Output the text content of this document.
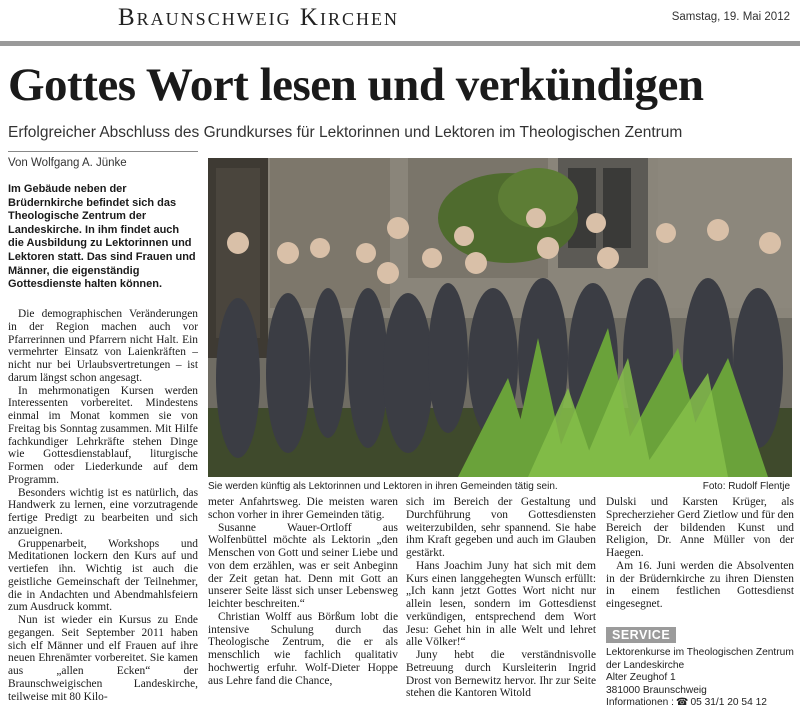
Braunschweig Kirchen	Samstag, 19. Mai 2012
Gottes Wort lesen und verkündigen
Erfolgreicher Abschluss des Grundkurses für Lektorinnen und Lektoren im Theologischen Zentrum
Von Wolfgang A. Jünke
Im Gebäude neben der Brüdernkirche befindet sich das Theologische Zentrum der Landeskirche. In ihm findet auch die Ausbildung zu Lektorinnen und Lektoren statt. Das sind Frauen und Männer, die eigenständig Gottesdienste halten können.

Die demographischen Veränderungen in der Region machen auch vor Pfarrerinnen und Pfarrern nicht Halt. Ein vermehrter Einsatz von Laienkräften – nicht nur bei Urlaubsvertretungen – ist darum längst schon angesagt.

In mehrmonatigen Kursen werden Interessenten vorbereitet. Mindestens einmal im Monat kommen sie von Freitag bis Sonntag zusammen. Mit Hilfe fachkundiger Lehrkräfte stehen Dinge wie Gottesdienstablauf, liturgische Formen oder Liederkunde auf dem Programm.

Besonders wichtig ist es natürlich, das Handwerk zu lernen, eine vorzutragende fertige Predigt zu bearbeiten und sich anzueignen.

Gruppenarbeit, Workshops und Meditationen lockern den Kurs auf und vertiefen ihn. Wichtig ist auch die geistliche Gemeinschaft der Teilnehmer, die in Andachten und Abendmahlsfeiern zum Ausdruck kommt.

Nun ist wieder ein Kursus zu Ende gegangen. Seit September 2011 haben sich elf Männer und elf Frauen auf ihre neuen Ehrenämter vorbereitet. Sie kamen aus „allen Ecken“ der Braunschweigischen Landeskirche, teilweise mit 80 Kilo-

Sie werden künftig als Lektorinnen und Lektoren in ihren Gemeinden tätig sein.	Foto: Rudolf Flentje

meter Anfahrtsweg. Die meisten waren schon vorher in ihrer Gemeinden tätig.

Susanne Wauer-Ortloff aus Wolfenbüttel möchte als Lektorin „den Menschen von Gott und seiner Liebe und von dem erzählen, was er seit Anbeginn der Zeit getan hat. Denn mit Gott an unserer Seite lässt sich unser Lebensweg leichter beschreiten.“

Christian Wolff aus Börßum lobt die intensive Schulung durch das Theologische Zentrum, die er als menschlich wie fachlich qualitativ hochwertig erfuhr. Wolf-Dieter Hoppe aus Lehre fand die Chance,

sich im Bereich der Gestaltung und Durchführung von Gottesdiensten weiterzubilden, sehr spannend. Sie habe ihm Kraft gegeben und auch im Glauben gestärkt.

Hans Joachim Juny hat sich mit dem Kurs einen langgehegten Wunsch erfüllt: „Ich kann jetzt Gottes Wort nicht nur allein lesen, sondern im Gottesdienst verkündigen, entsprechend dem Wort Jesu: Gehet hin in alle Welt und lehret alle Völker!“

Juny hebt die verständnisvolle Betreuung durch Kursleiterin Ingrid Drost von Bernewitz hervor. Ihr zur Seite stehen die Kantoren Witold

Dulski und Karsten Krüger, als Sprecherzieher Gerd Zietlow und für den Bereich der bildenden Kunst und Religion, Dr. Anne Müller von der Haegen.

Am 16. Juni werden die Absolventen in der Brüdernkirche zu ihren Diensten in einem festlichen Gottesdienst eingesegnet.

SERVICE
Lektorenkurse im Theologischen Zentrum der Landeskirche
Alter Zeughof 1
381000 Braunschweig
Informationen : ☎ 05 31/1 20 54 12
